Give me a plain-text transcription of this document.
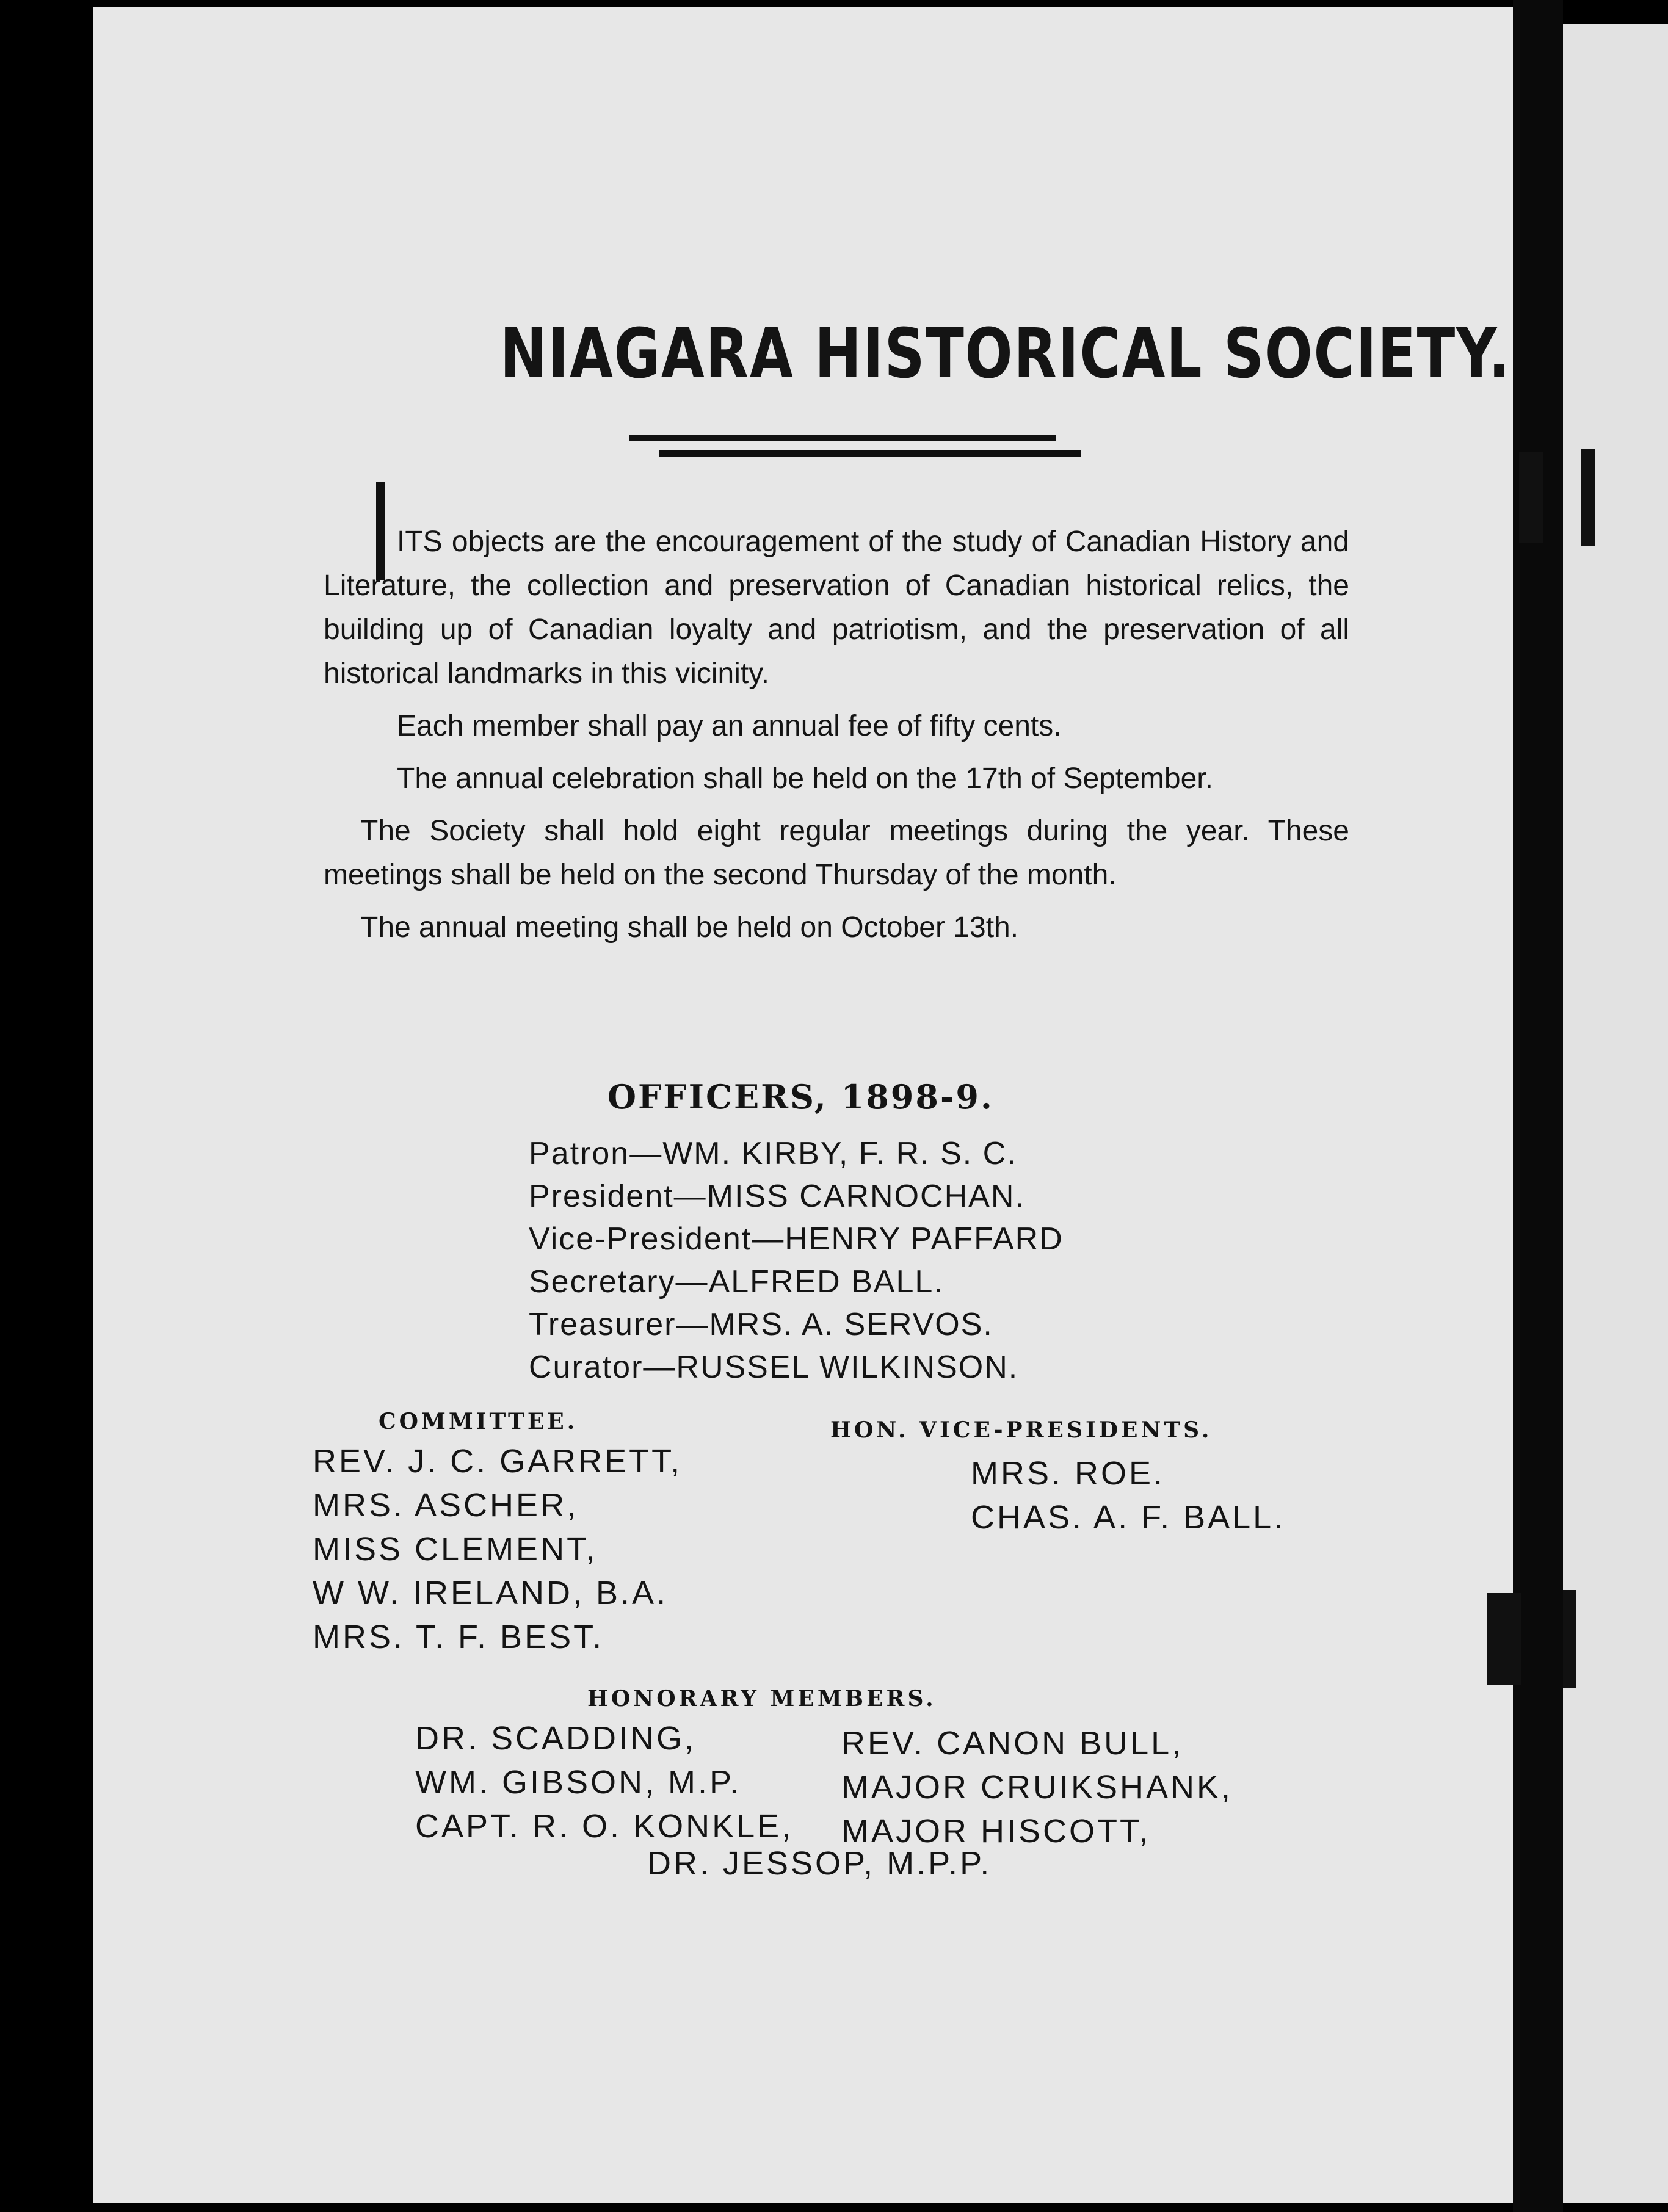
NIAGARA HISTORICAL SOCIETY.

ITS objects are the encouragement of the study of Canadian History and Literature, the collection and preservation of Canadian historical relics, the building up of Canadian loyalty and patriotism, and the preservation of all historical landmarks in this vicinity.

Each member shall pay an annual fee of fifty cents.

The annual celebration shall be held on the 17th of September.

The Society shall hold eight regular meetings during the year. These meetings shall be held on the second Thursday of the month.

The annual meeting shall be held on October 13th.

OFFICERS, 1898-9.
Patron—WM. KIRBY, F. R. S. C.
President—MISS CARNOCHAN.
Vice-President—HENRY PAFFARD
Secretary—ALFRED BALL.
Treasurer—MRS. A. SERVOS.
Curator—RUSSEL WILKINSON.
COMMITTEE.
REV. J. C. GARRETT,
MRS. ASCHER,
MISS CLEMENT,
W W. IRELAND, B.A.
MRS. T. F. BEST.
HON. VICE-PRESIDENTS.
MRS. ROE.
CHAS. A. F. BALL.
HONORARY MEMBERS.
DR. SCADDING,
WM. GIBSON, M.P.
CAPT. R. O. KONKLE,
REV. CANON BULL,
MAJOR CRUIKSHANK,
MAJOR HISCOTT,
DR. JESSOP, M.P.P.
